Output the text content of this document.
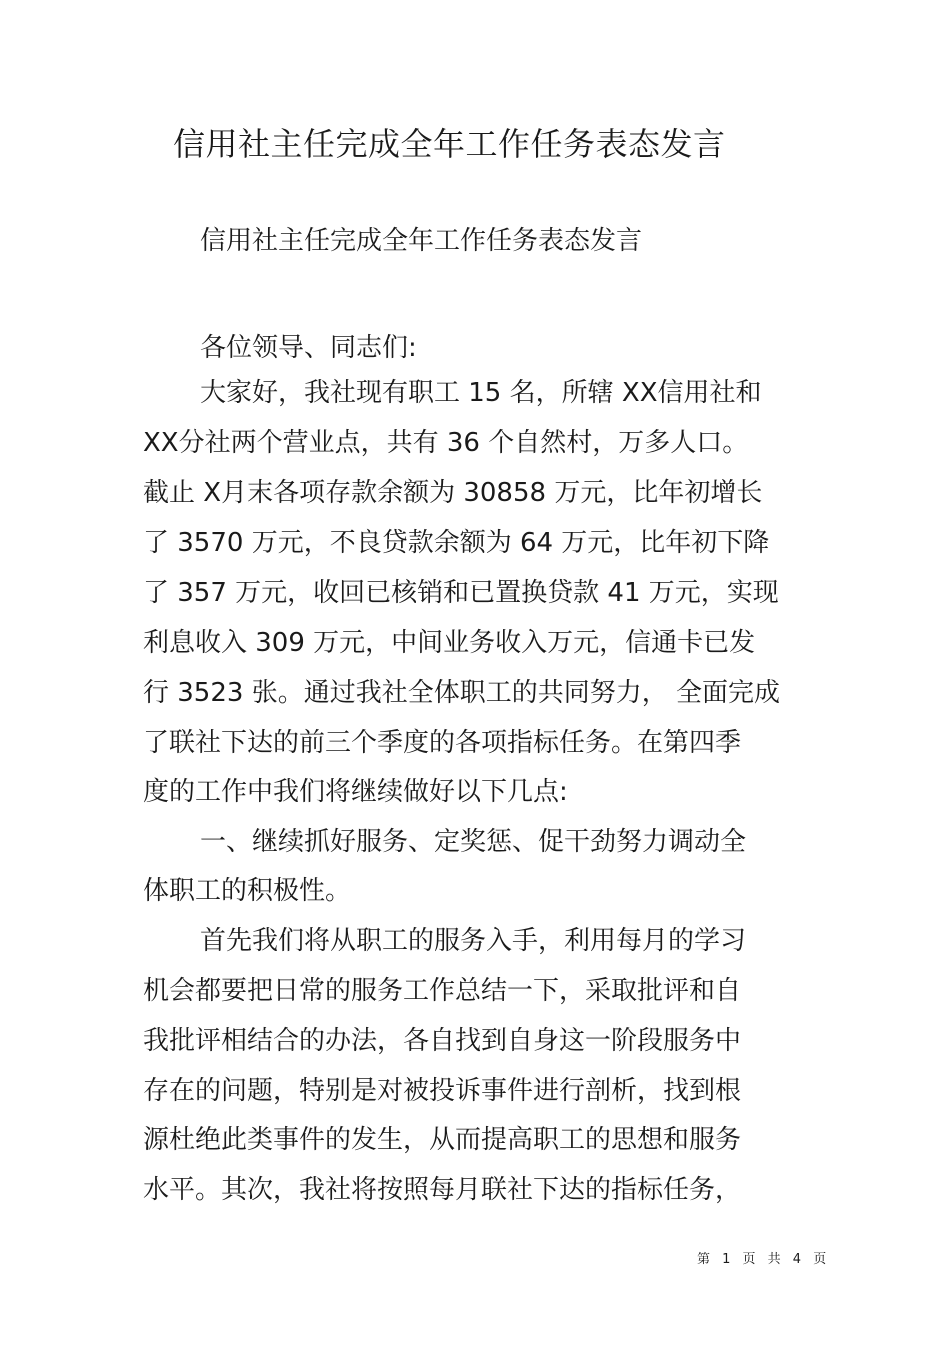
信用社主任完成全年工作任务表态发言

信用社主任完成全年工作任务表态发言

各位领导、同志们:

大家好，我社现有职工 15 名，所辖 XX信用社和

XX分社两个营业点，共有 36 个自然村，万多人口。

截止 X月末各项存款余额为 30858 万元，比年初增长

了 3570 万元，不良贷款余额为 64 万元，比年初下降

了 357 万元，收回已核销和已置换贷款 41 万元，实现

利息收入 309 万元，中间业务收入万元，信通卡已发

行 3523 张。通过我社全体职工的共同努力， 全面完成

了联社下达的前三个季度的各项指标任务。在第四季

度的工作中我们将继续做好以下几点:

一、继续抓好服务、定奖惩、促干劲努力调动全

体职工的积极性。

首先我们将从职工的服务入手，利用每月的学习

机会都要把日常的服务工作总结一下，采取批评和自

我批评相结合的办法，各自找到自身这一阶段服务中

存在的问题，特别是对被投诉事件进行剖析，找到根

源杜绝此类事件的发生，从而提高职工的思想和服务

水平。其次，我社将按照每月联社下达的指标任务，

第 1 页 共 4 页
